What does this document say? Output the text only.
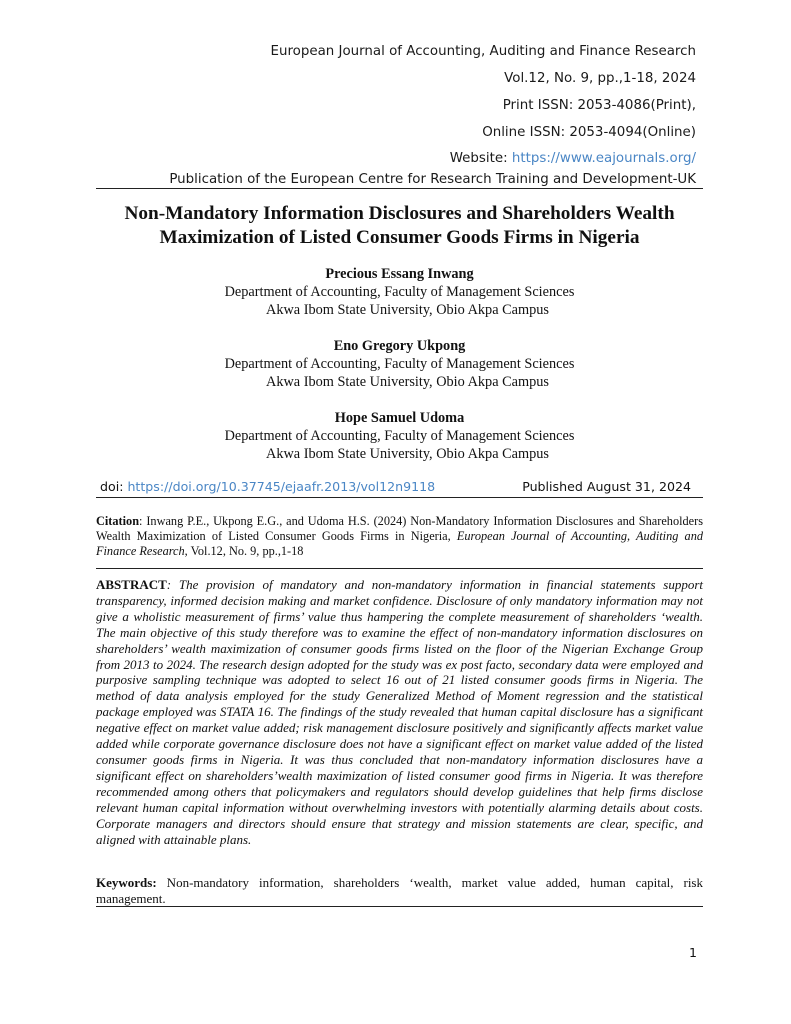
European Journal of Accounting, Auditing and Finance Research
Vol.12, No. 9, pp.,1-18, 2024
Print ISSN: 2053-4086(Print),
Online ISSN: 2053-4094(Online)
Website: https://www.eajournals.org/
Publication of the European Centre for Research Training and Development-UK
Non-Mandatory Information Disclosures and Shareholders Wealth
Maximization of Listed Consumer Goods Firms in Nigeria
Precious Essang Inwang
Department of Accounting, Faculty of Management Sciences
Akwa Ibom State University, Obio Akpa Campus
Eno Gregory Ukpong
Department of Accounting, Faculty of Management Sciences
Akwa Ibom State University, Obio Akpa Campus
Hope Samuel Udoma
Department of Accounting, Faculty of Management Sciences
Akwa Ibom State University, Obio Akpa Campus
doi: https://doi.org/10.37745/ejaafr.2013/vol12n9118	Published August 31, 2024
Citation: Inwang P.E., Ukpong E.G., and Udoma H.S. (2024) Non-Mandatory Information Disclosures and Shareholders Wealth Maximization of Listed Consumer Goods Firms in Nigeria, European Journal of Accounting, Auditing and Finance Research, Vol.12, No. 9, pp.,1-18
ABSTRACT: The provision of mandatory and non-mandatory information in financial statements support transparency, informed decision making and market confidence. Disclosure of only mandatory information may not give a wholistic measurement of firms’ value thus hampering the complete measurement of shareholders ‘wealth. The main objective of this study therefore was to examine the effect of non-mandatory information disclosures on shareholders’ wealth maximization of consumer goods firms listed on the floor of the Nigerian Exchange Group from 2013 to 2024. The research design adopted for the study was ex post facto, secondary data were employed and purposive sampling technique was adopted to select 16 out of 21 listed consumer goods firms in Nigeria. The method of data analysis employed for the study Generalized Method of Moment regression and the statistical package employed was STATA 16. The findings of the study revealed that human capital disclosure has a significant negative effect on market value added; risk management disclosure positively and significantly affects market value added while corporate governance disclosure does not have a significant effect on market value added of the listed consumer goods firms in Nigeria. It was thus concluded that non-mandatory information disclosures have a significant effect on shareholders’wealth maximization of listed consumer good firms in Nigeria. It was therefore recommended among others that policymakers and regulators should develop guidelines that help firms disclose relevant human capital information without overwhelming investors with potentially alarming details about costs. Corporate managers and directors should ensure that strategy and mission statements are clear, specific, and aligned with attainable plans.
Keywords: Non-mandatory information, shareholders ‘wealth, market value added, human capital, risk management.
1
